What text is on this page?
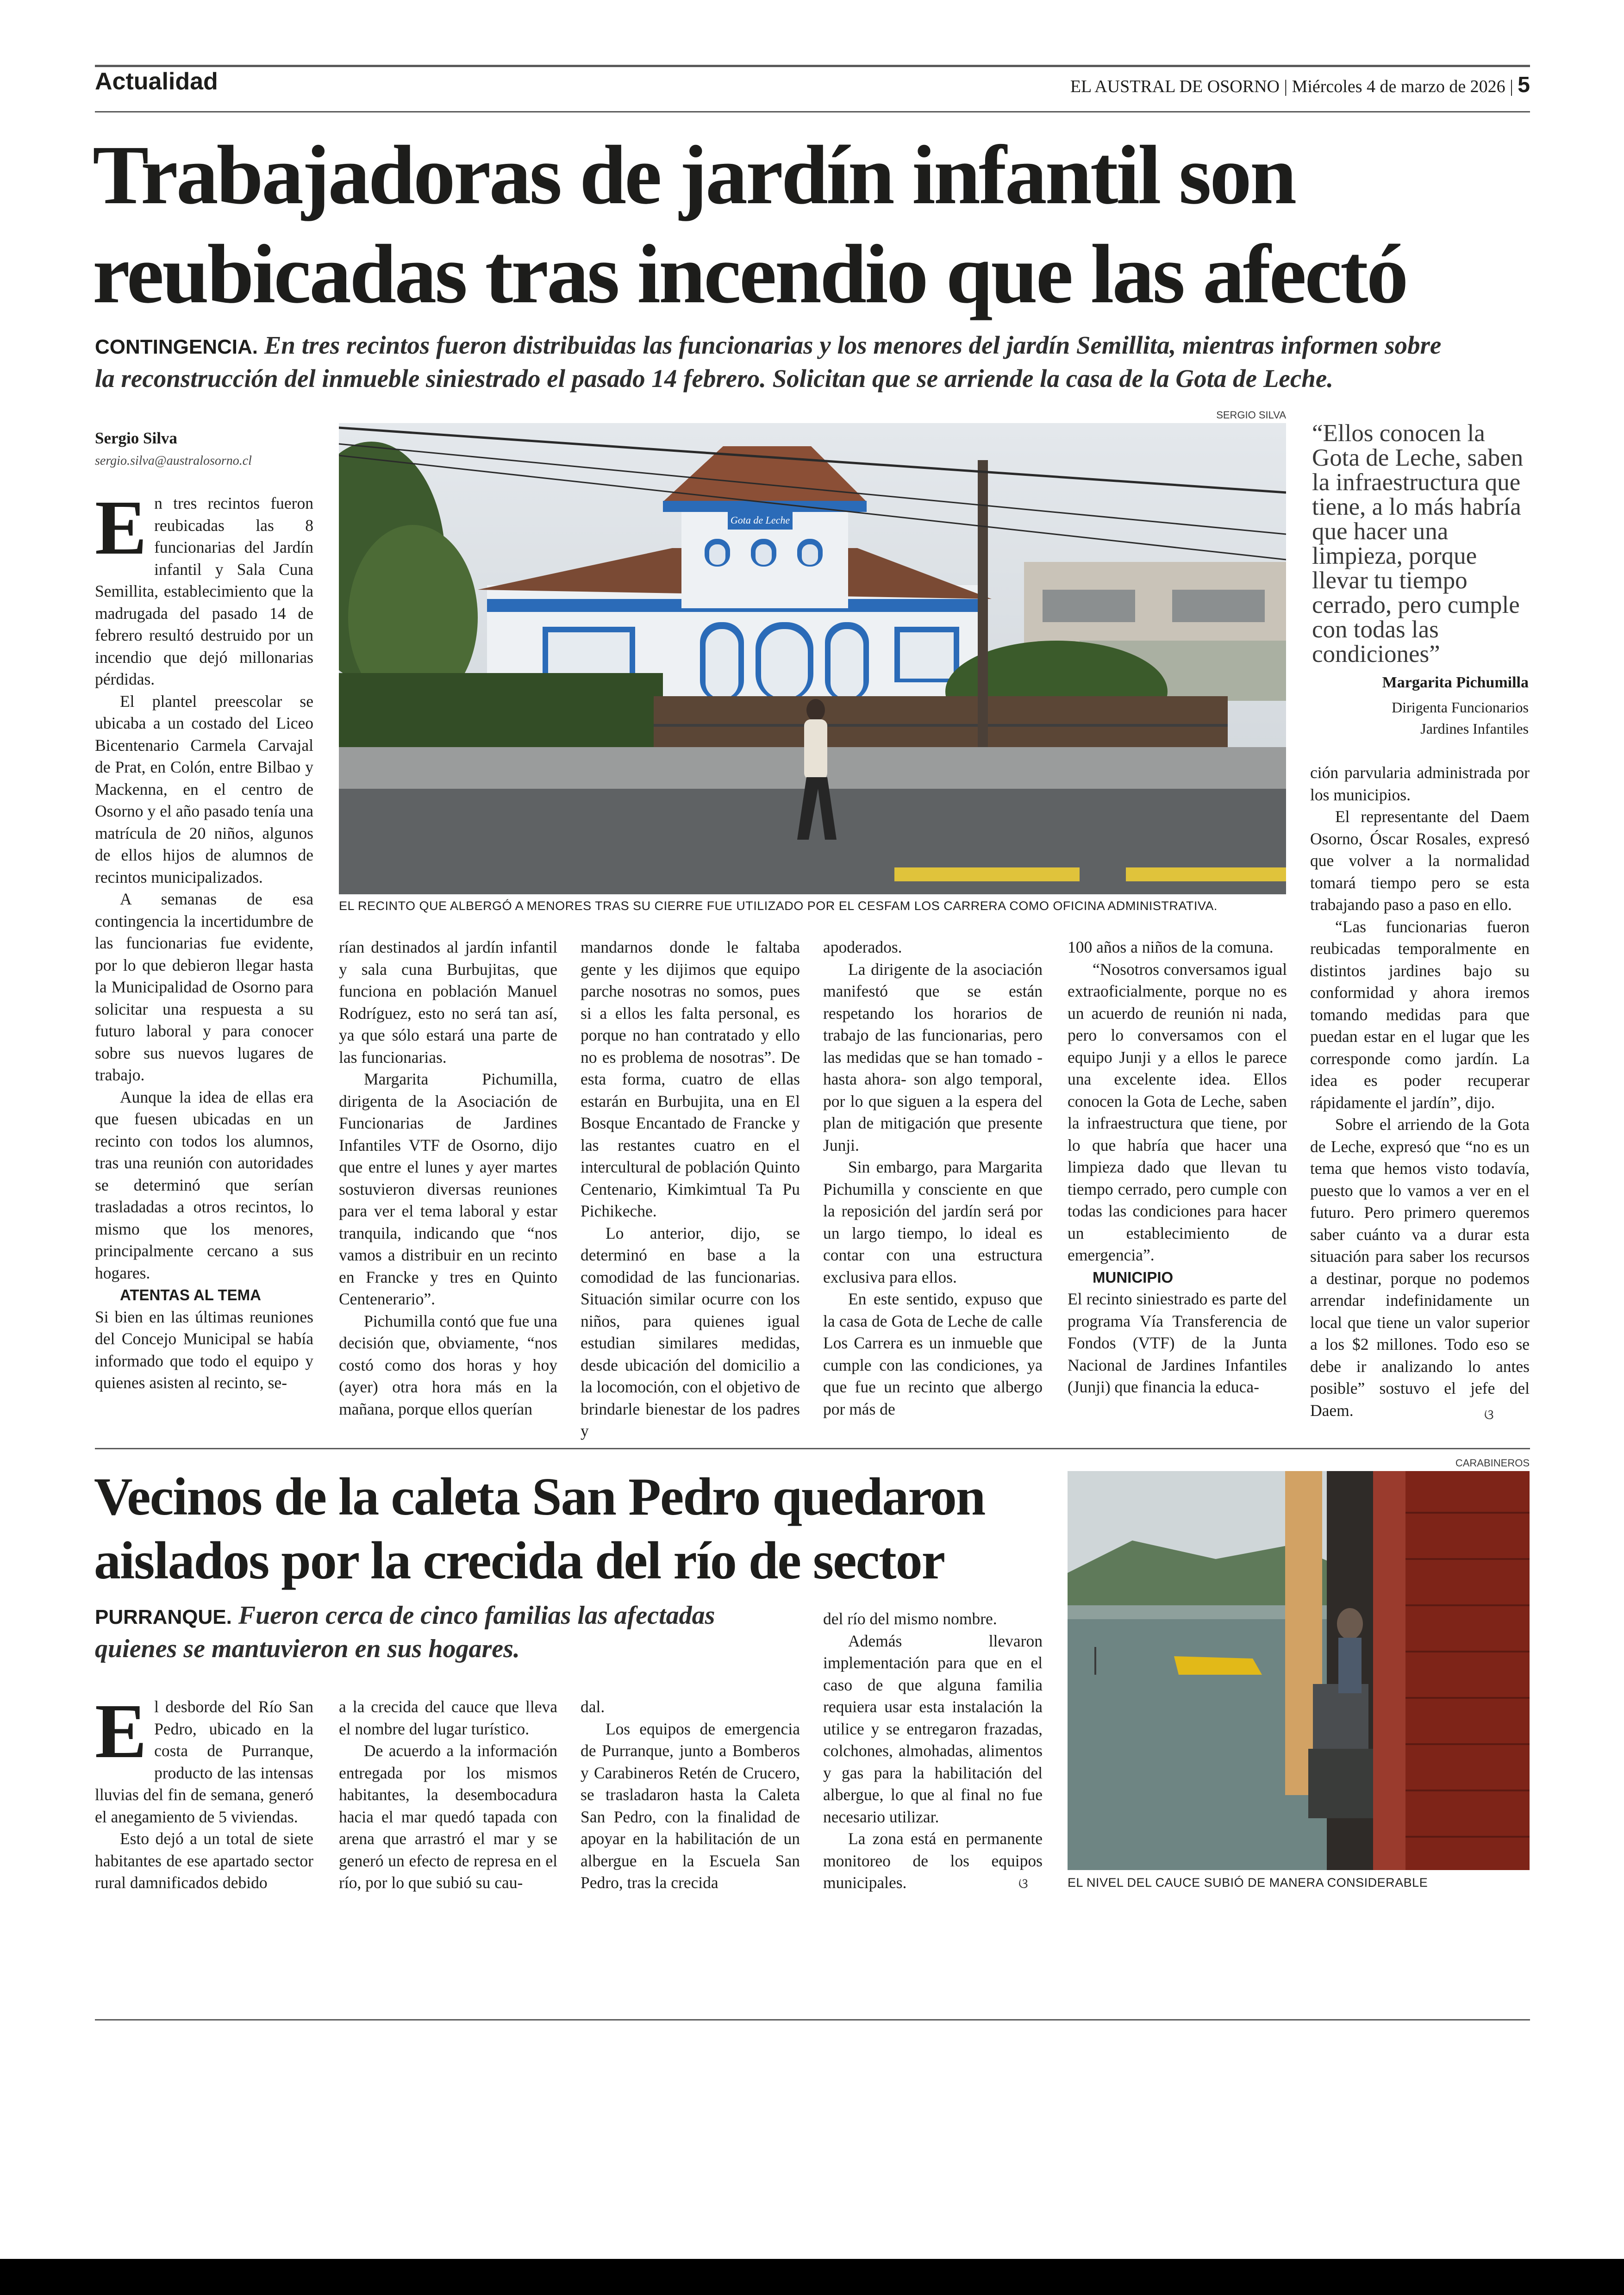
Actualidad	EL AUSTRAL DE OSORNO | Miércoles 4 de marzo de 2026 | 5
Trabajadoras de jardín infantil son
reubicadas tras incendio que las afectó
CONTINGENCIA. En tres recintos fueron distribuidas las funcionarias y los menores del jardín Semillita, mientras informen sobre
la reconstrucción del inmueble siniestrado el pasado 14 febrero. Solicitan que se arriende la casa de la Gota de Leche.
Sergio Silva
sergio.silva@australosorno.cl
SERGIO SILVA
Gota de Leche
EL RECINTO QUE ALBERGÓ A MENORES TRAS SU CIERRE FUE UTILIZADO POR EL CESFAM LOS CARRERA COMO OFICINA ADMINISTRATIVA.
“Ellos conocen la Gota de Leche, saben la infraestructura que tiene, a lo más habría que hacer una limpieza, porque llevar tu tiempo cerrado, pero cumple con todas las condiciones”
Margarita Pichumilla
Dirigenta Funcionarios
Jardines Infantiles
E n tres recintos fueron reubicadas las 8 funcionarias del Jardín infantil y Sala Cuna Semillita, establecimiento que la madrugada del pasado 14 de febrero resultó destruido por un incendio que dejó millonarias pérdidas.

El plantel preescolar se ubicaba a un costado del Liceo Bicentenario Carmela Carvajal de Prat, en Colón, entre Bilbao y Mackenna, en el centro de Osorno y el año pasado tenía una matrícula de 20 niños, algunos de ellos hijos de alumnos de recintos municipalizados.

A semanas de esa contingencia la incertidumbre de las funcionarias fue evidente, por lo que debieron llegar hasta la Municipalidad de Osorno para solicitar una respuesta a su futuro laboral y para conocer sobre sus nuevos lugares de trabajo.

Aunque la idea de ellas era que fuesen ubicadas en un recinto con todos los alumnos, tras una reunión con autoridades se determinó que serían trasladadas a otros recintos, lo mismo que los menores, principalmente cercano a sus hogares.

ATENTAS AL TEMA

Si bien en las últimas reuniones del Concejo Municipal se había informado que todo el equipo y quienes asisten al recinto, se-

rían destinados al jardín infantil y sala cuna Burbujitas, que funciona en población Manuel Rodríguez, esto no será tan así, ya que sólo estará una parte de las funcionarias.

Margarita Pichumilla, dirigenta de la Asociación de Funcionarias de Jardines Infantiles VTF de Osorno, dijo que entre el lunes y ayer martes sostuvieron diversas reuniones para ver el tema laboral y estar tranquila, indicando que “nos vamos a distribuir en un recinto en Francke y tres en Quinto Centenerario”.

Pichumilla contó que fue una decisión que, obviamente, “nos costó como dos horas y hoy (ayer) otra hora más en la mañana, porque ellos querían

mandarnos donde le faltaba gente y les dijimos que equipo parche nosotras no somos, pues si a ellos les falta personal, es porque no han contratado y ello no es problema de nosotras”. De esta forma, cuatro de ellas estarán en Burbujita, una en El Bosque Encantado de Francke y las restantes cuatro en el intercultural de población Quinto Centenario, Kimkimtual Ta Pu Pichikeche.

Lo anterior, dijo, se determinó en base a la comodidad de las funcionarias. Situación similar ocurre con los niños, para quienes igual estudian similares medidas, desde ubicación del domicilio a la locomoción, con el objetivo de brindarle bienestar de los padres y

apoderados.

La dirigente de la asociación manifestó que se están respetando los horarios de trabajo de las funcionarias, pero las medidas que se han tomado -hasta ahora- son algo temporal, por lo que siguen a la espera del plan de mitigación que presente Junji.

Sin embargo, para Margarita Pichumilla y consciente en que la reposición del jardín será por un largo tiempo, lo ideal es contar con una estructura exclusiva para ellos.

En este sentido, expuso que la casa de Gota de Leche de calle Los Carrera es un inmueble que cumple con las condiciones, ya que fue un recinto que albergo por más de

100 años a niños de la comuna.

“Nosotros conversamos igual extraoficialmente, porque no es un acuerdo de reunión ni nada, pero lo conversamos con el equipo Junji y a ellos le parece una excelente idea. Ellos conocen la Gota de Leche, saben la infraestructura que tiene, por lo que habría que hacer una limpieza dado que llevan tu tiempo cerrado, pero cumple con todas las condiciones para hacer un establecimiento de emergencia”.

MUNICIPIO

El recinto siniestrado es parte del programa Vía Transferencia de Fondos (VTF) de la Junta Nacional de Jardines Infantiles (Junji) que financia la educa-

ción parvularia administrada por los municipios.

El representante del Daem Osorno, Óscar Rosales, expresó que volver a la normalidad tomará tiempo pero se esta trabajando paso a paso en ello.

“Las funcionarias fueron reubicadas temporalmente en distintos jardines bajo su conformidad y ahora iremos tomando medidas para que puedan estar en el lugar que les corresponde como jardín. La idea es poder recuperar rápidamente el jardín”, dijo.

Sobre el arriendo de la Gota de Leche, expresó que “no es un tema que hemos visto todavía, puesto que lo vamos a ver en el futuro. Pero primero queremos saber cuánto va a durar esta situación para saber los recursos a destinar, porque no podemos arrendar indefinidamente un local que tiene un valor superior a los $2 millones. Todo eso se debe ir analizando lo antes posible” sostuvo el jefe del Daem.	ଓ
Vecinos de la caleta San Pedro quedaron
aislados por la crecida del río de sector
PURRANQUE. Fueron cerca de cinco familias las afectadas
quienes se mantuvieron en sus hogares.
CARABINEROS
EL NIVEL DEL CAUCE SUBIÓ DE MANERA CONSIDERABLE
E l desborde del Río San Pedro, ubicado en la costa de Purranque, producto de las intensas lluvias del fin de semana, generó el anegamiento de 5 viviendas.

Esto dejó a un total de siete habitantes de ese apartado sector rural damnificados debido

a la crecida del cauce que lleva el nombre del lugar turístico.

De acuerdo a la información entregada por los mismos habitantes, la desembocadura hacia el mar quedó tapada con arena que arrastró el mar y se generó un efecto de represa en el río, por lo que subió su cau-

dal.

Los equipos de emergencia de Purranque, junto a Bomberos y Carabineros Retén de Crucero, se trasladaron hasta la Caleta San Pedro, con la finalidad de apoyar en la habilitación de un albergue en la Escuela San Pedro, tras la crecida

del río del mismo nombre.

Además llevaron implementación para que en el caso de que alguna familia requiera usar esta instalación la utilice y se entregaron frazadas, colchones, almohadas, alimentos y gas para la habilitación del albergue, lo que al final no fue necesario utilizar.

La zona está en permanente monitoreo de los equipos municipales.	ଓ
